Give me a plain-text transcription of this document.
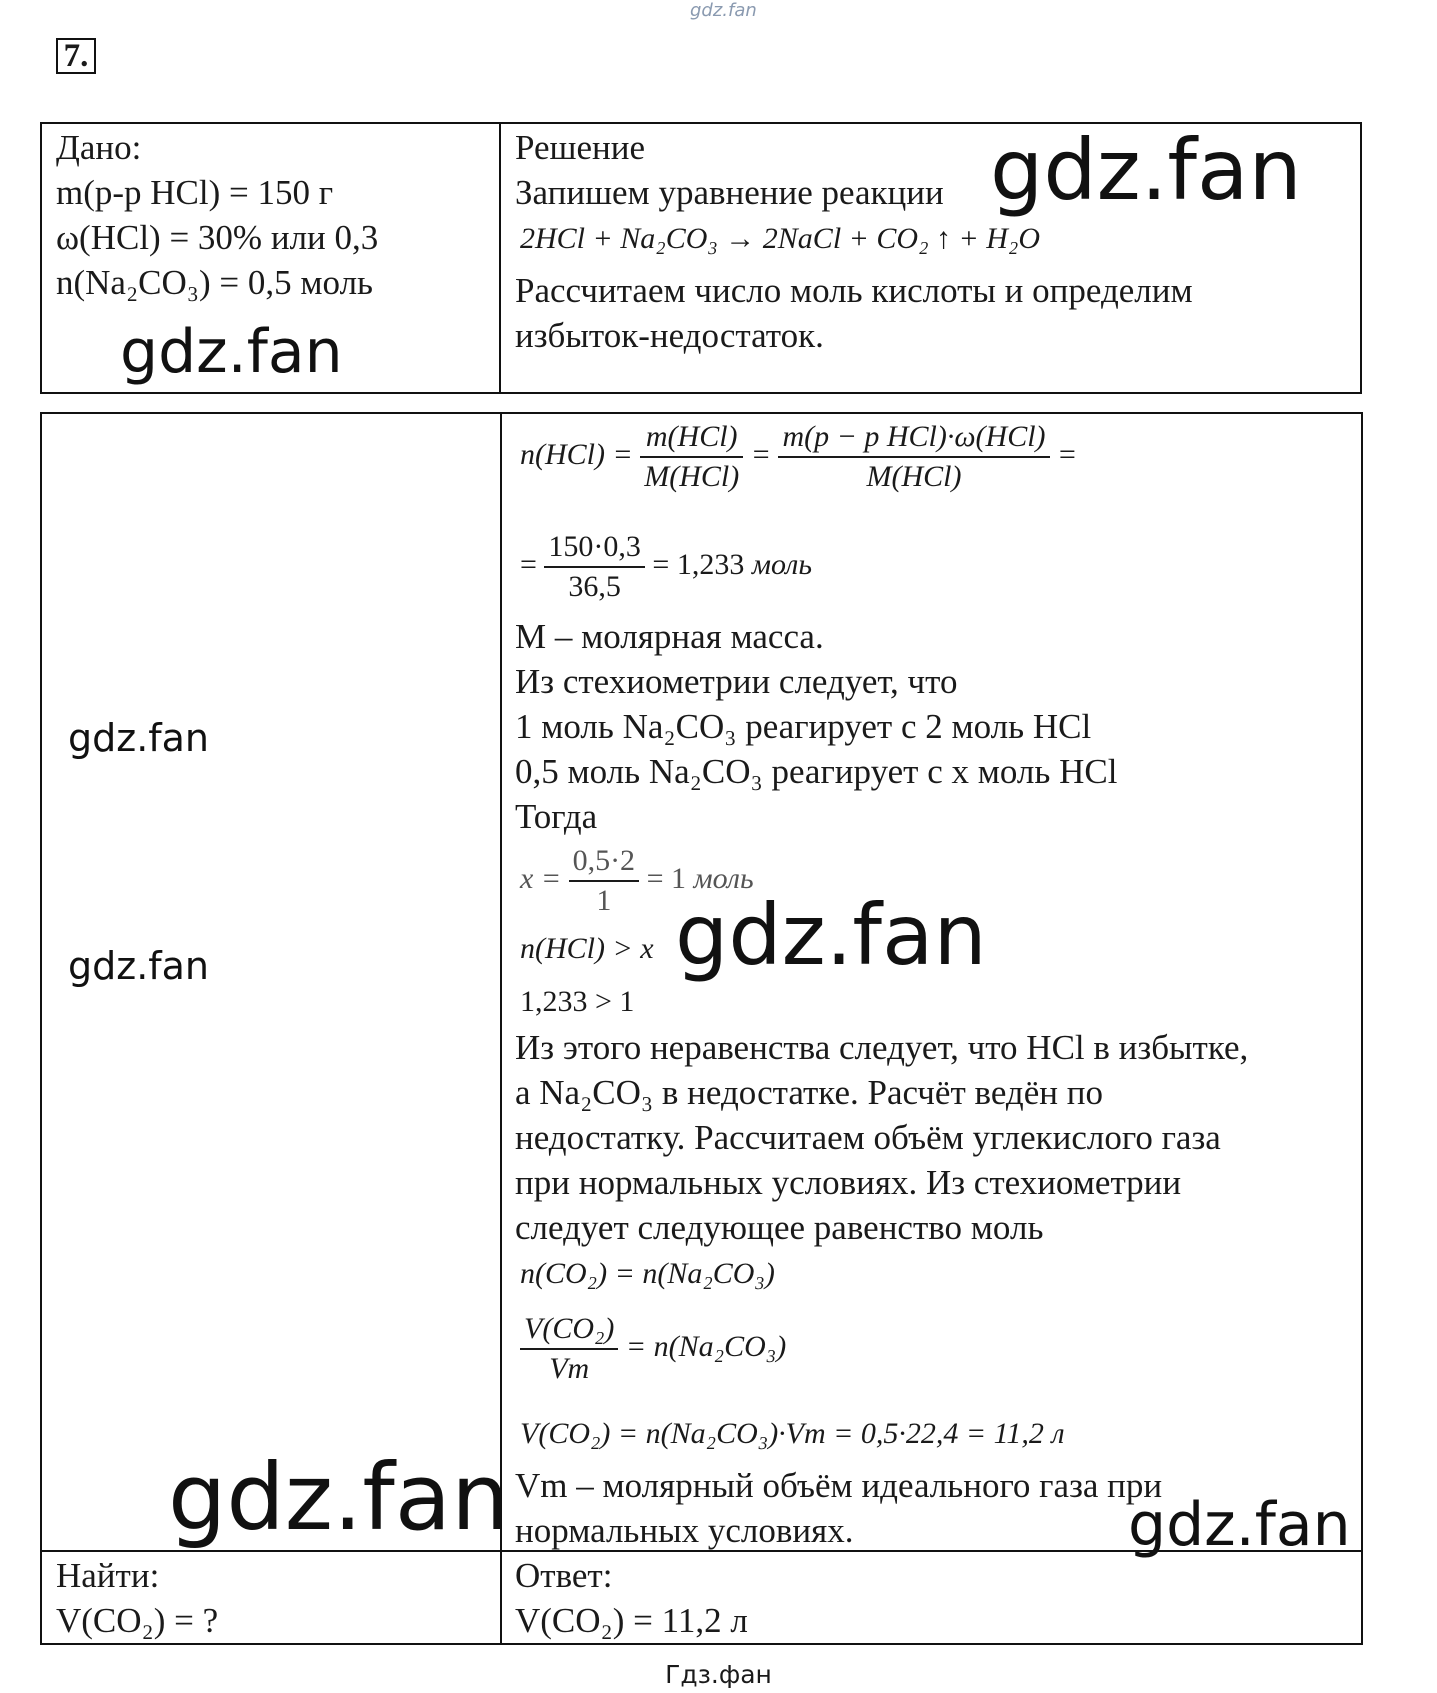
7.
gdz.fan
Дано:
m(р-р HCl) = 150 г
ω(HCl) = 30% или 0,3
n(Na₂CO₃) = 0,5 моль
Решение
Запишем уравнение реакции
2HCl + Na₂CO₃ → 2NaCl + CO₂ ↑ + H₂O
Рассчитаем число моль кислоты и определим
избыток-недостаток.
$n(HCl) = \frac{\text{m(HCl)}}{\text{M(HCl)}} = \frac{\text{m(p − p HCl)·ω(HCl)}}{\text{M(HCl)}}$ =
= $\frac{150\cdot 0,3}{36,5} = 1,233$ моль
M – молярная масса.
Из стехиометрии следует, что
1 моль Na₂CO₃ реагирует с 2 моль HCl
0,5 моль Na₂CO₃ реагирует с x моль HCl
Тогда
$x = \frac{0,5\cdot 2}{1} = 1$ моль
n(HCl) > x
1,233 > 1
Из этого неравенства следует, что HCl в избытке,
а Na₂CO₃ в недостатке. Расчёт ведён по
недостатку. Рассчитаем объём углекислого газа
при нормальных условиях. Из стехиометрии
следует следующее равенство моль
n(CO₂) = n(Na₂CO₃)
$\frac{\text{V(CO₂)}}{Vm} = n(Na_2CO_3)$
V(CO₂) = n(Na₂CO₃)·Vm = 0,5·22,4 = 11,2 л
Vm – молярный объём идеального газа при
нормальных условиях.
Найти:
V(CO₂) = ?
Ответ:
V(CO₂) = 11,2 л
gdz.fan
gdz.fan
gdz.fan
gdz.fan	gdz.fan
gdz.fan	gdz.fan
Гдз.фан
